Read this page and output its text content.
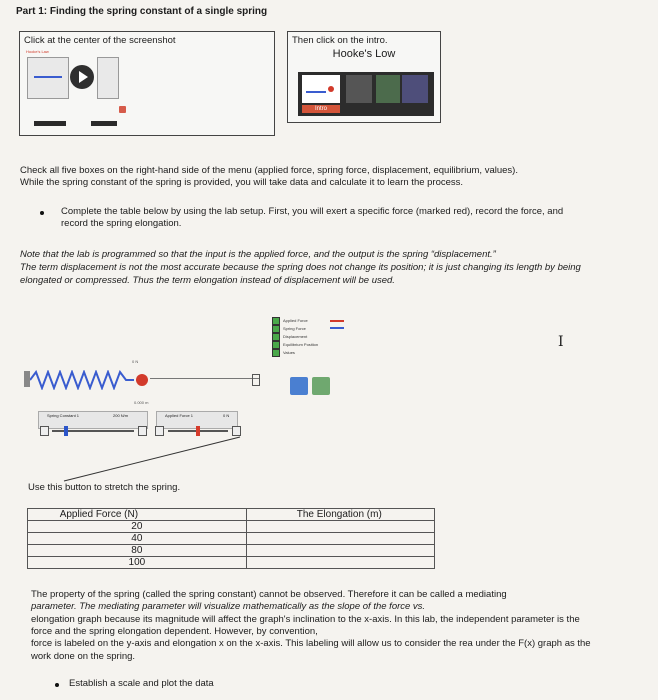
Part 1: Finding the spring constant of a single spring
Click at the center of the screenshot
Hooke's Law
Then click on the intro.
Hooke's Low
Intro
Check all five boxes on the right-hand side of the menu (applied force, spring force, displacement, equilibrium, values).
While the spring constant of the spring is provided, you will take data and calculate it to learn the process.
Complete the table below by using the lab setup. First, you will exert a specific force (marked red), record the force, and
record the spring elongation.
Note that the lab is programmed so that the input is the applied force, and the output is the spring “displacement.”
The term displacement is not the most accurate because the spring does not change its position; it is just changing its length by being
elongated or compressed. Thus the term elongation instead of displacement will be used.
Applied Force
Spring Force
Displacement
Equilibrium Position
Values
I
0 N
0.000 m
Spring Constant 1	200 N/m	Applied Force 1	0 N
Use this button to stretch the spring.
Applied Force (N)	The Elongation (m)
20	
40	
80	
100	
The property of the spring (called the spring constant) cannot be observed. Therefore it can be called a mediating
parameter. The mediating parameter will visualize mathematically as the slope of the force vs.
elongation graph because its magnitude will affect the graph's inclination to the x-axis. In this lab, the independent parameter is the
force and the spring elongation dependent. However, by convention,
force is labeled on the y-axis and elongation x on the x-axis. This labeling will allow us to consider the rea under the F(x) graph as the
work done on the spring.
Establish a scale and plot the data
